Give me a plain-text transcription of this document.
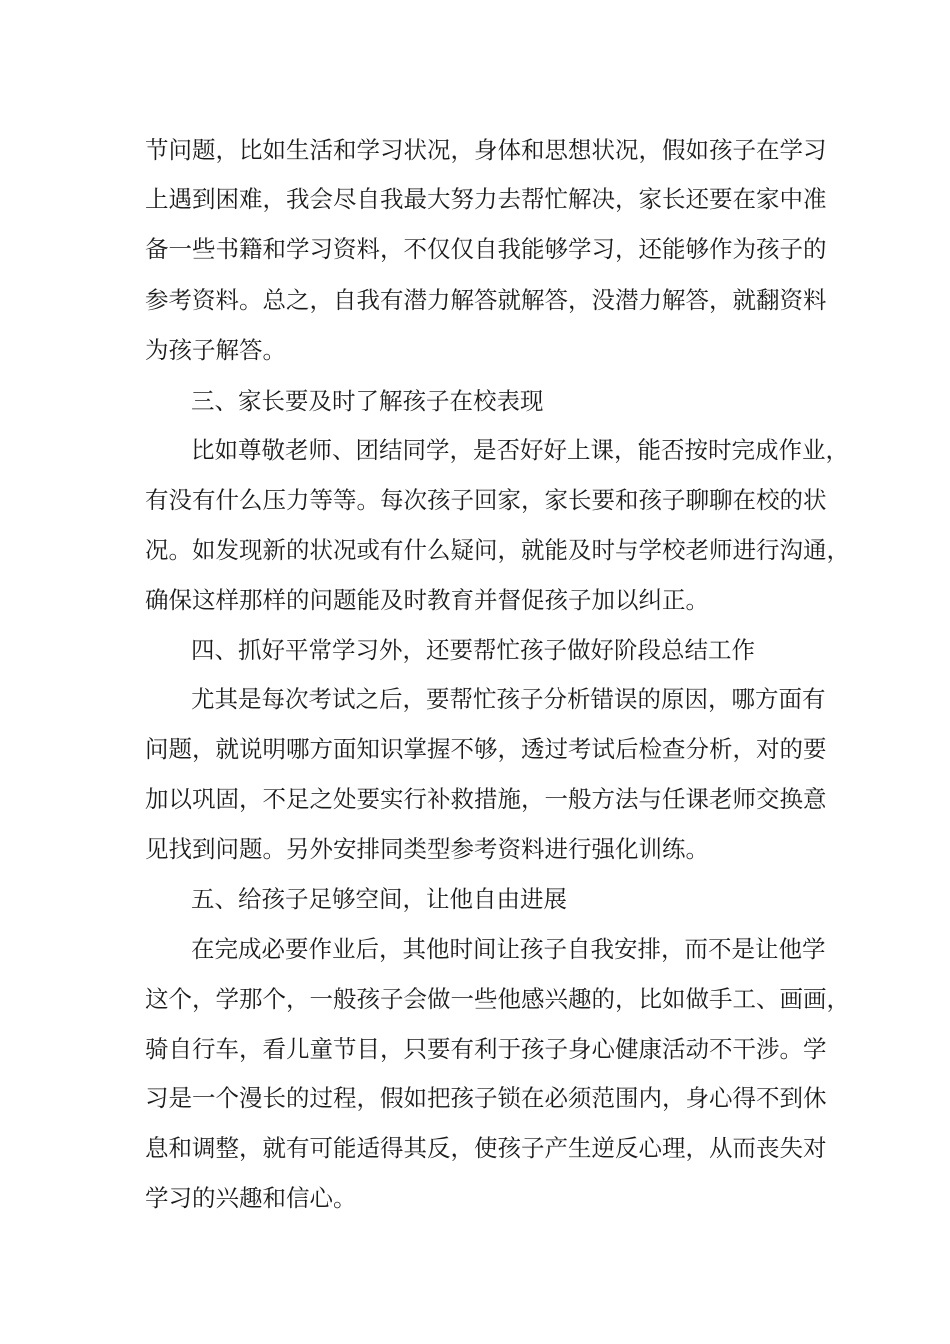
节问题，比如生活和学习状况，身体和思想状况，假如孩子在学习
上遇到困难，我会尽自我最大努力去帮忙解决，家长还要在家中准
备一些书籍和学习资料，不仅仅自我能够学习，还能够作为孩子的
参考资料。总之，自我有潜力解答就解答，没潜力解答，就翻资料
为孩子解答。
三、家长要及时了解孩子在校表现
比如尊敬老师、团结同学，是否好好上课，能否按时完成作业，
有没有什么压力等等。每次孩子回家，家长要和孩子聊聊在校的状
况。如发现新的状况或有什么疑问，就能及时与学校老师进行沟通，
确保这样那样的问题能及时教育并督促孩子加以纠正。
四、抓好平常学习外，还要帮忙孩子做好阶段总结工作
尤其是每次考试之后，要帮忙孩子分析错误的原因，哪方面有
问题，就说明哪方面知识掌握不够，透过考试后检查分析，对的要
加以巩固，不足之处要实行补救措施，一般方法与任课老师交换意
见找到问题。另外安排同类型参考资料进行强化训练。
五、给孩子足够空间，让他自由进展
在完成必要作业后，其他时间让孩子自我安排，而不是让他学
这个，学那个，一般孩子会做一些他感兴趣的，比如做手工、画画，
骑自行车，看儿童节目，只要有利于孩子身心健康活动不干涉。学
习是一个漫长的过程，假如把孩子锁在必须范围内，身心得不到休
息和调整，就有可能适得其反，使孩子产生逆反心理，从而丧失对
学习的兴趣和信心。
